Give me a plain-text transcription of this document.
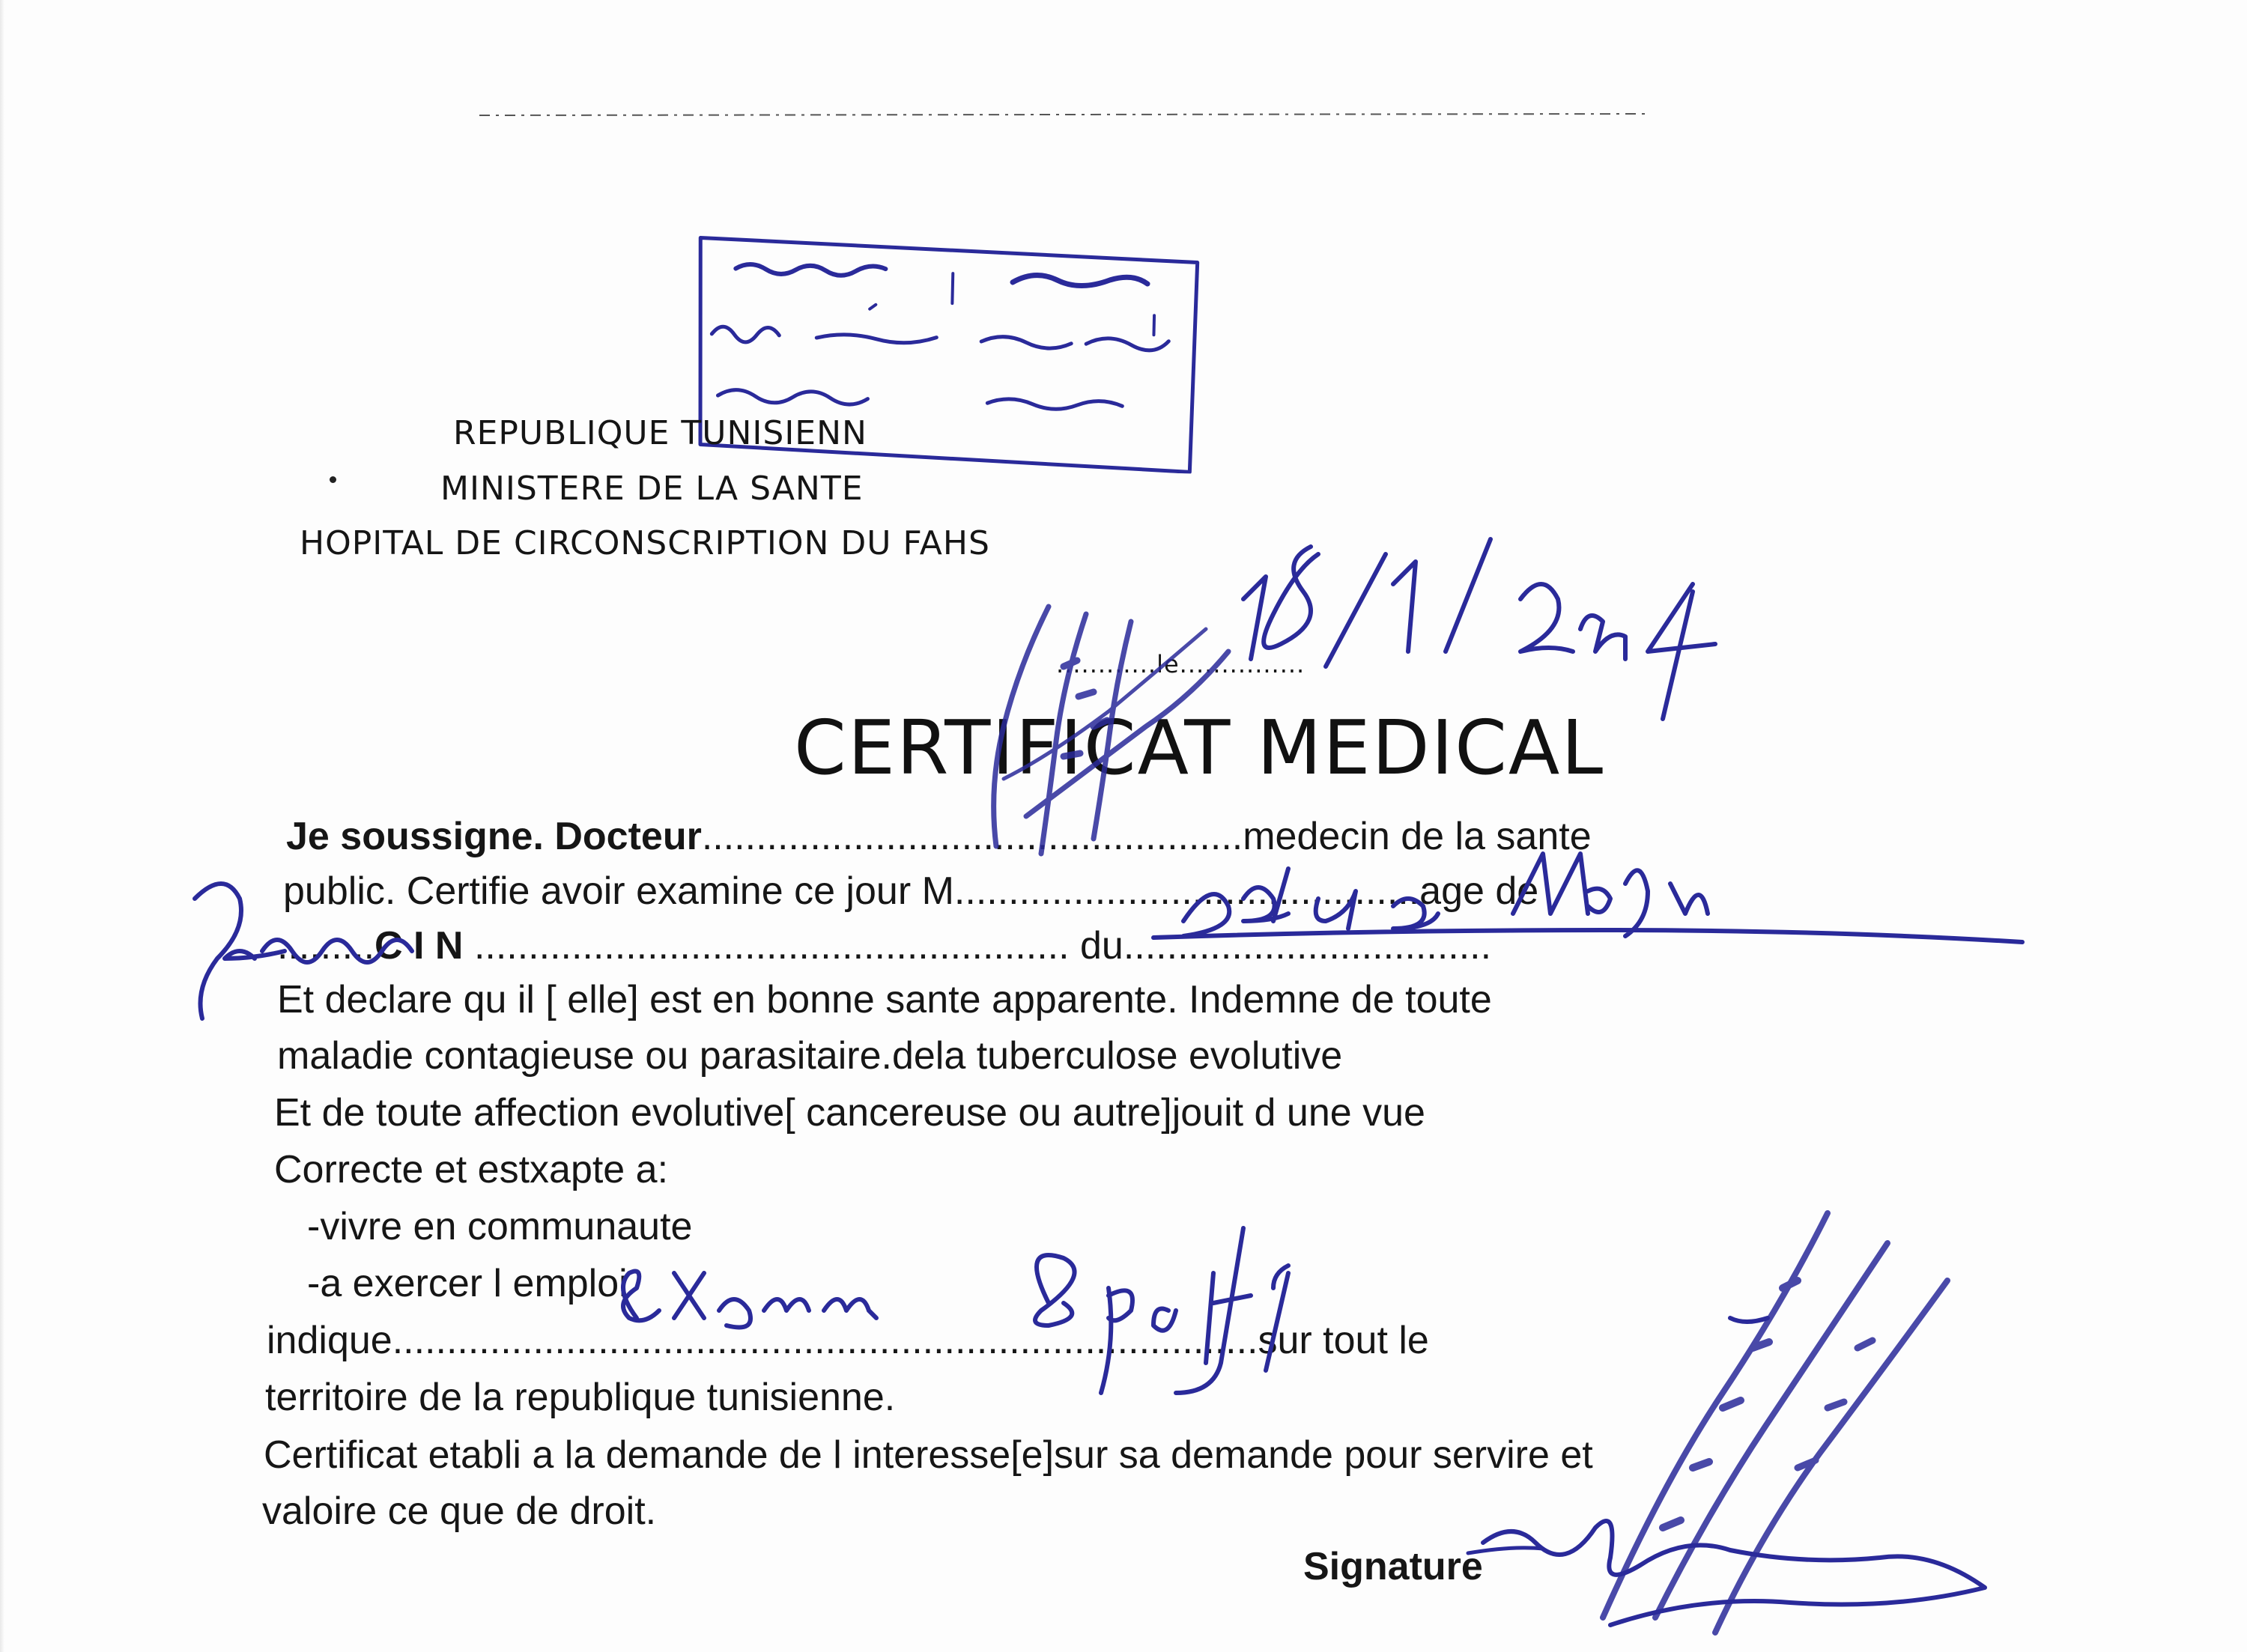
REPUBLIQUE TUNISIENN
MINISTERE DE LA SANTE
HOPITAL DE CIRCONSCRIPTION DU FAHS
............le...............
CERTIFICAT MEDICAL

Je soussigne. Docteur..................................................medecin de la sante

public. Certifie avoir examine ce jour M...........................................age de

.........C I N ....................................................... du..................................

Et declare qu il [ elle] est en bonne sante apparente. Indemne de toute

maladie contagieuse ou parasitaire.dela tuberculose evolutive

Et de toute affection evolutive[ cancereuse ou autre]jouit d une vue

Correcte et estxapte a:

-vivre en communaute

-a exercer l emploi

indique................................................................................sur tout le

territoire de la republique tunisienne.

Certificat etabli a la demande de l interesse[e]sur sa demande pour servire et

valoire ce que de droit.

Signature
